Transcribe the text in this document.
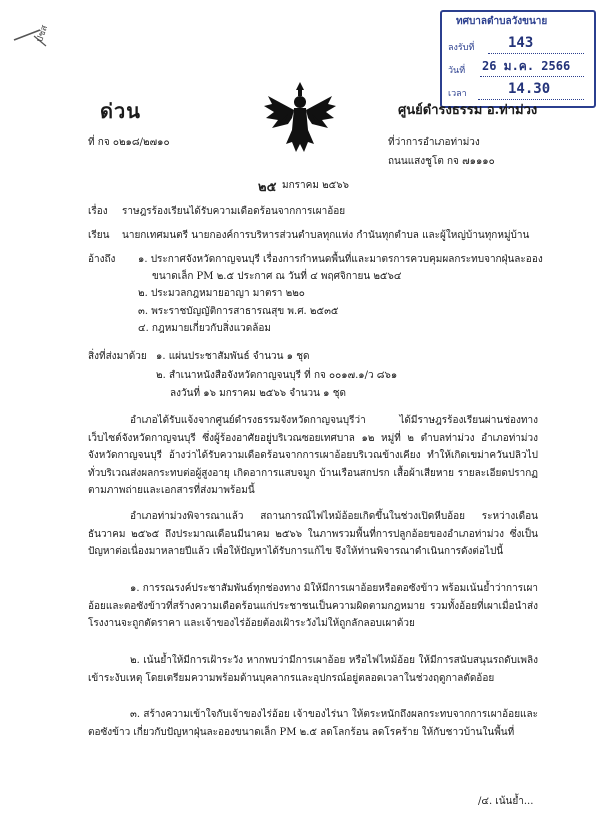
ปชส
ทศบาลตำบลวังขนาย
ลงรับที่ 143
วันที่ 26 ม.ค. 2566
เวลา	14.30
ด่วน	ศูนย์ดำรงธรรม อ.ท่าม่วง
ที่ กจ ๐๒๑๘/๒๗๑๐	ที่ว่าการอำเภอท่าม่วง
ถนนแสงชูโต กจ ๗๑๑๑๐
๒๕ มกราคม ๒๕๖๖
เรื่อง ราษฎรร้องเรียนได้รับความเดือดร้อนจากการเผาอ้อย
เรียน นายกเทศมนตรี นายกองค์การบริหารส่วนตำบลทุกแห่ง กำนันทุกตำบล และผู้ใหญ่บ้านทุกหมู่บ้าน
อ้างถึง ๑. ประกาศจังหวัดกาญจนบุรี เรื่องการกำหนดพื้นที่และมาตรการควบคุมผลกระทบจากฝุ่นละออง
ขนาดเล็ก PM ๒.๕ ประกาศ ณ วันที่ ๔ พฤศจิกายน ๒๕๖๔
๒. ประมวลกฎหมายอาญา มาตรา ๒๒๐
๓. พระราชบัญญัติการสาธารณสุข พ.ศ. ๒๕๓๕
๔. กฎหมายเกี่ยวกับสิ่งแวดล้อม
สิ่งที่ส่งมาด้วย ๑. แผ่นประชาสัมพันธ์ จำนวน ๑ ชุด
๒. สำเนาหนังสือจังหวัดกาญจนบุรี ที่ กจ ๐๐๑๗.๑/ว ๘๖๑
ลงวันที่ ๑๖ มกราคม ๒๕๖๖ จำนวน ๑ ชุด
อำเภอได้รับแจ้งจากศูนย์ดำรงธรรมจังหวัดกาญจนบุรีว่า ได้มีราษฎรร้องเรียนผ่านช่องทางเว็บไซต์จังหวัดกาญจนบุรี ซึ่งผู้ร้องอาศัยอยู่บริเวณซอยเทศบาล ๑๒ หมู่ที่ ๒ ตำบลท่าม่วง อำเภอท่าม่วง จังหวัดกาญจนบุรี อ้างว่าได้รับความเดือดร้อนจากการเผาอ้อยบริเวณข้างเคียง ทำให้เกิดเขม่าควันปลิวไปทั่วบริเวณส่งผลกระทบต่อผู้สูงอายุ เกิดอาการแสบจมูก บ้านเรือนสกปรก เสื้อผ้าเสียหาย รายละเอียดปรากฏตามภาพถ่ายและเอกสารที่ส่งมาพร้อมนี้
อำเภอท่าม่วงพิจารณาแล้ว สถานการณ์ไฟไหม้อ้อยเกิดขึ้นในช่วงเปิดหีบอ้อย ระหว่างเดือนธันวาคม ๒๕๖๕ ถึงประมาณเดือนมีนาคม ๒๕๖๖ ในภาพรวมพื้นที่การปลูกอ้อยของอำเภอท่าม่วง ซึ่งเป็นปัญหาต่อเนื่องมาหลายปีแล้ว เพื่อให้ปัญหาได้รับการแก้ไข จึงให้ท่านพิจารณาดำเนินการดังต่อไปนี้
๑. การรณรงค์ประชาสัมพันธ์ทุกช่องทาง มิให้มีการเผาอ้อยหรือตอซังข้าว พร้อมเน้นย้ำว่าการเผาอ้อยและตอซังข้าวที่สร้างความเดือดร้อนแก่ประชาชนเป็นความผิดตามกฎหมาย รวมทั้งอ้อยที่เผาเมื่อนำส่งโรงงานจะถูกตัดราคา และเจ้าของไร่อ้อยต้องเฝ้าระวังไม่ให้ถูกลักลอบเผาด้วย
๒. เน้นย้ำให้มีการเฝ้าระวัง หากพบว่ามีการเผาอ้อย หรือไฟไหม้อ้อย ให้มีการสนับสนุนรถดับเพลิงเข้าระงับเหตุ โดยเตรียมความพร้อมด้านบุคลากรและอุปกรณ์อยู่ตลอดเวลาในช่วงฤดูกาลตัดอ้อย
๓. สร้างความเข้าใจกับเจ้าของไร่อ้อย เจ้าของไร่นา ให้ตระหนักถึงผลกระทบจากการเผาอ้อยและตอซังข้าว เกี่ยวกับปัญหาฝุ่นละอองขนาดเล็ก PM ๒.๕ ลดโลกร้อน ลดโรคร้าย ให้กับชาวบ้านในพื้นที่
/๔. เน้นย้ำ...
